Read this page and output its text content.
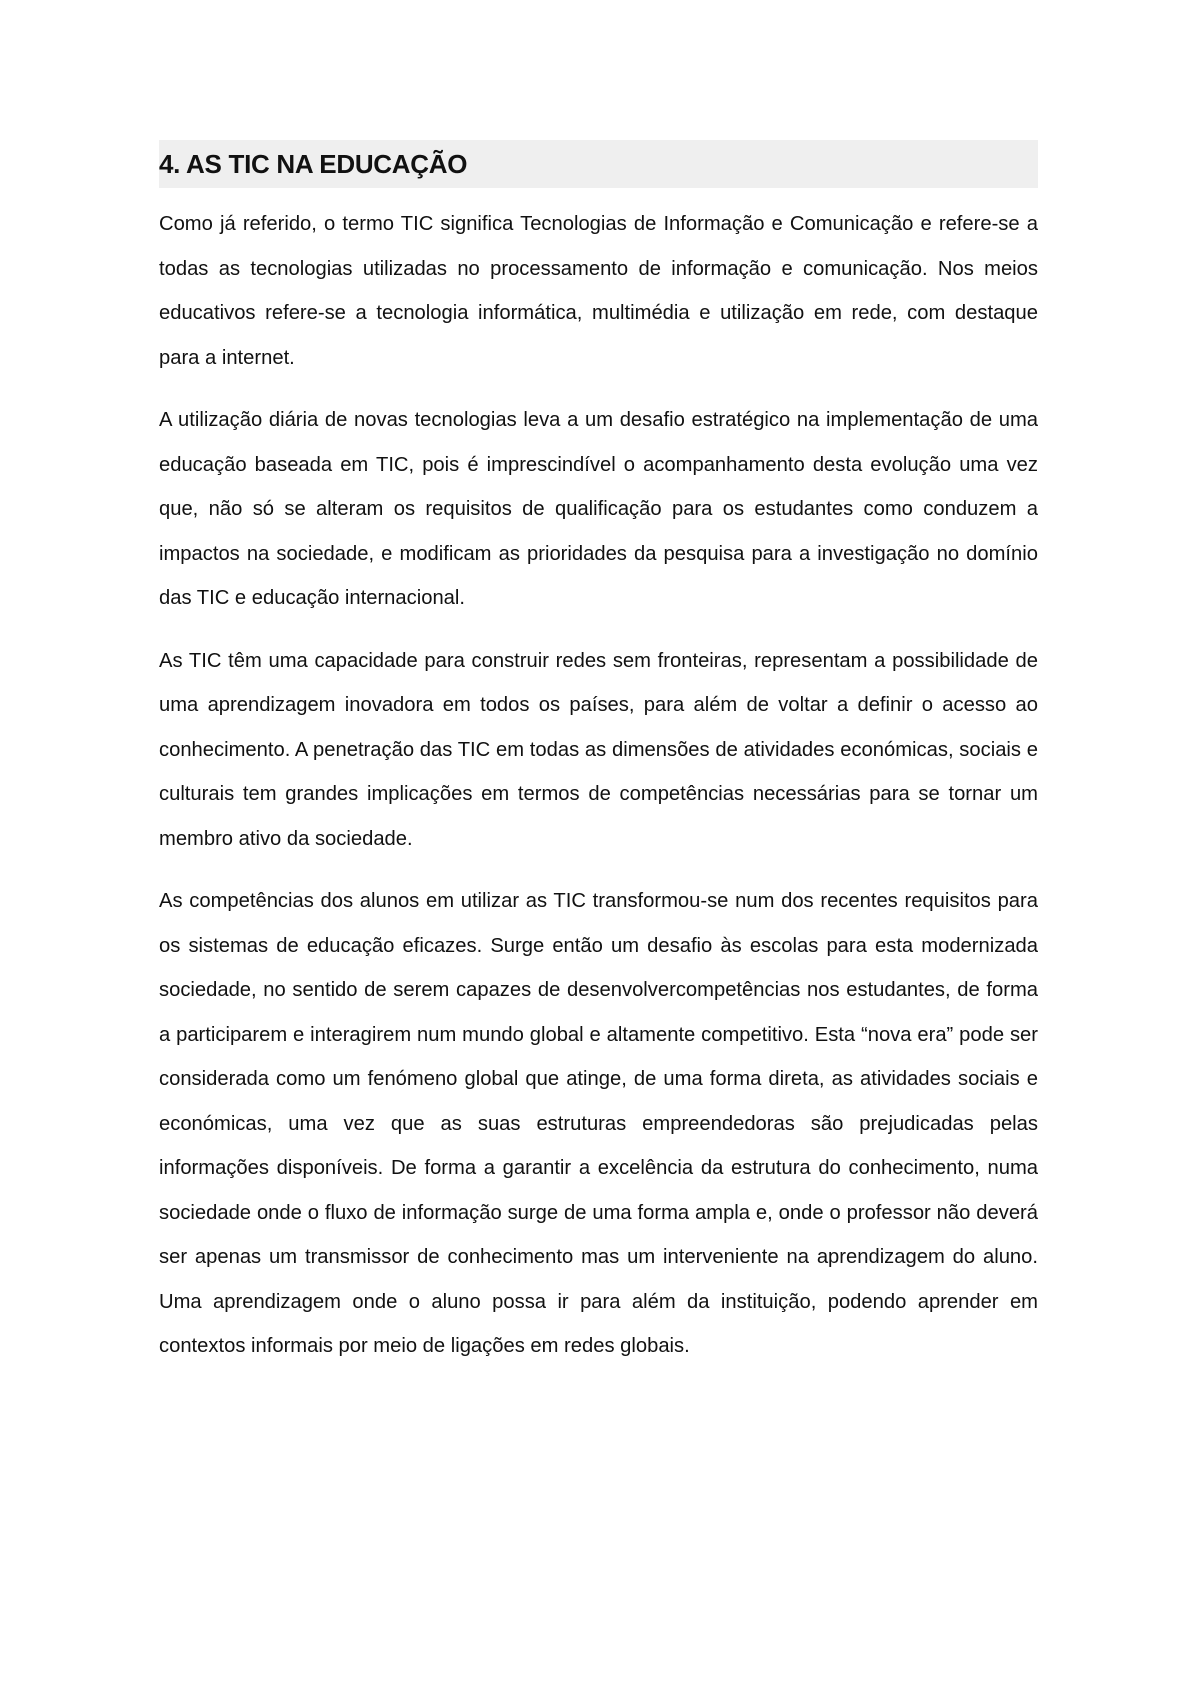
4. AS TIC NA EDUCAÇÃO

Como já referido, o termo TIC significa Tecnologias de Informação e Comunicação e refere-se a todas as tecnologias utilizadas no processamento de informação e comunicação. Nos meios educativos refere-se a tecnologia informática, multimédia e utilização em rede, com destaque para a internet.

A utilização diária de novas tecnologias leva a um desafio estratégico na implementação de uma educação baseada em TIC, pois é imprescindível o acompanhamento desta evolução uma vez que, não só se alteram os requisitos de qualificação para os estudantes como conduzem a impactos na sociedade, e modificam as prioridades da pesquisa para a investigação no domínio das TIC e educação internacional.

As TIC têm uma capacidade para construir redes sem fronteiras, representam a possibilidade de uma aprendizagem inovadora em todos os países, para além de voltar a definir o acesso ao conhecimento. A penetração das TIC em todas as dimensões de atividades económicas, sociais e culturais tem grandes implicações em termos de competências necessárias para se tornar um membro ativo da sociedade.

As competências dos alunos em utilizar as TIC transformou-se num dos recentes requisitos para os sistemas de educação eficazes. Surge então um desafio às escolas para esta modernizada sociedade, no sentido de serem capazes de desenvolvercompetências nos estudantes, de forma a participarem e interagirem num mundo global e altamente competitivo. Esta “nova era” pode ser considerada como um fenómeno global que atinge, de uma forma direta, as atividades sociais e económicas, uma vez que as suas estruturas empreendedoras são prejudicadas pelas informações disponíveis. De forma a garantir a excelência da estrutura do conhecimento, numa sociedade onde o fluxo de informação surge de uma forma ampla e, onde o professor não deverá ser apenas um transmissor de conhecimento mas um interveniente na aprendizagem do aluno. Uma aprendizagem onde o aluno possa ir para além da instituição, podendo aprender em contextos informais por meio de ligações em redes globais.
